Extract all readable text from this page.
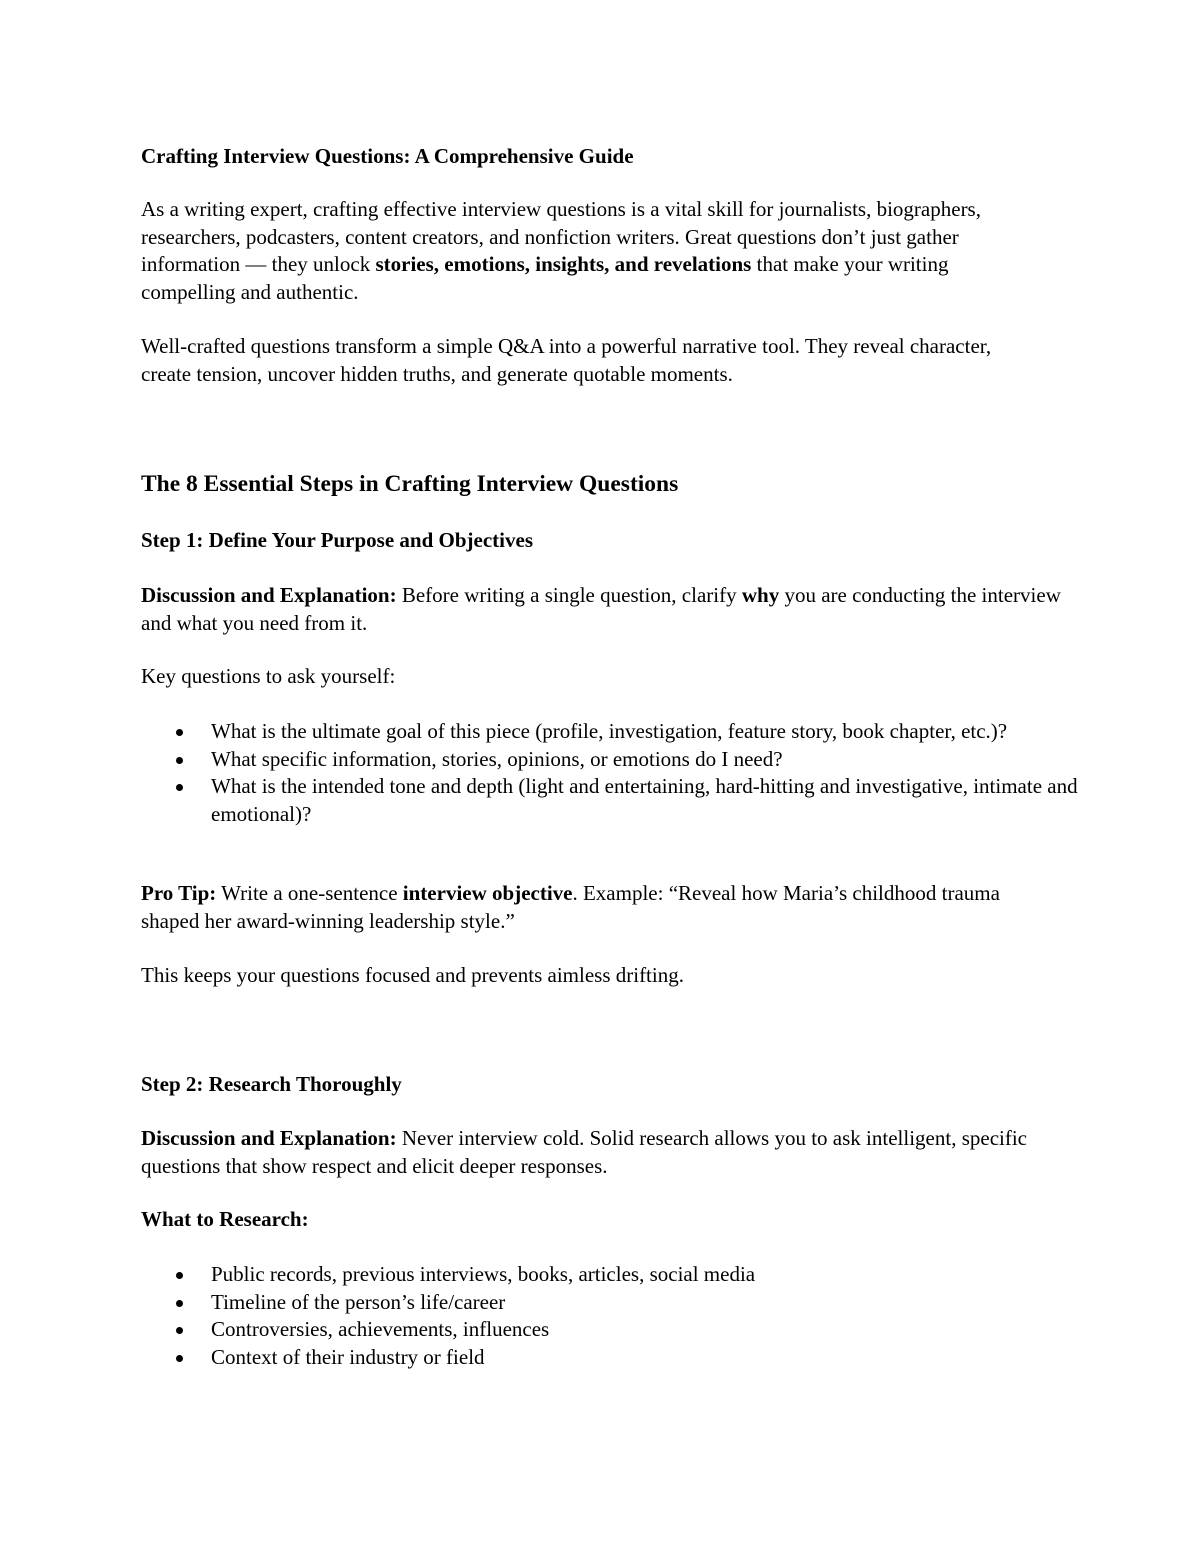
Crafting Interview Questions: A Comprehensive Guide

As a writing expert, crafting effective interview questions is a vital skill for journalists, biographers, researchers, podcasters, content creators, and nonfiction writers. Great questions don’t just gather information — they unlock stories, emotions, insights, and revelations that make your writing compelling and authentic.

Well-crafted questions transform a simple Q&A into a powerful narrative tool. They reveal character, create tension, uncover hidden truths, and generate quotable moments.

The 8 Essential Steps in Crafting Interview Questions
Step 1: Define Your Purpose and Objectives

Discussion and Explanation: Before writing a single question, clarify why you are conducting the interview and what you need from it.

Key questions to ask yourself:

What is the ultimate goal of this piece (profile, investigation, feature story, book chapter, etc.)?
What specific information, stories, opinions, or emotions do I need?
What is the intended tone and depth (light and entertaining, hard-hitting and investigative, intimate and emotional)?

Pro Tip: Write a one-sentence interview objective. Example: “Reveal how Maria’s childhood trauma shaped her award-winning leadership style.”

This keeps your questions focused and prevents aimless drifting.

Step 2: Research Thoroughly

Discussion and Explanation: Never interview cold. Solid research allows you to ask intelligent, specific questions that show respect and elicit deeper responses.

What to Research:

Public records, previous interviews, books, articles, social media
Timeline of the person’s life/career
Controversies, achievements, influences
Context of their industry or field
